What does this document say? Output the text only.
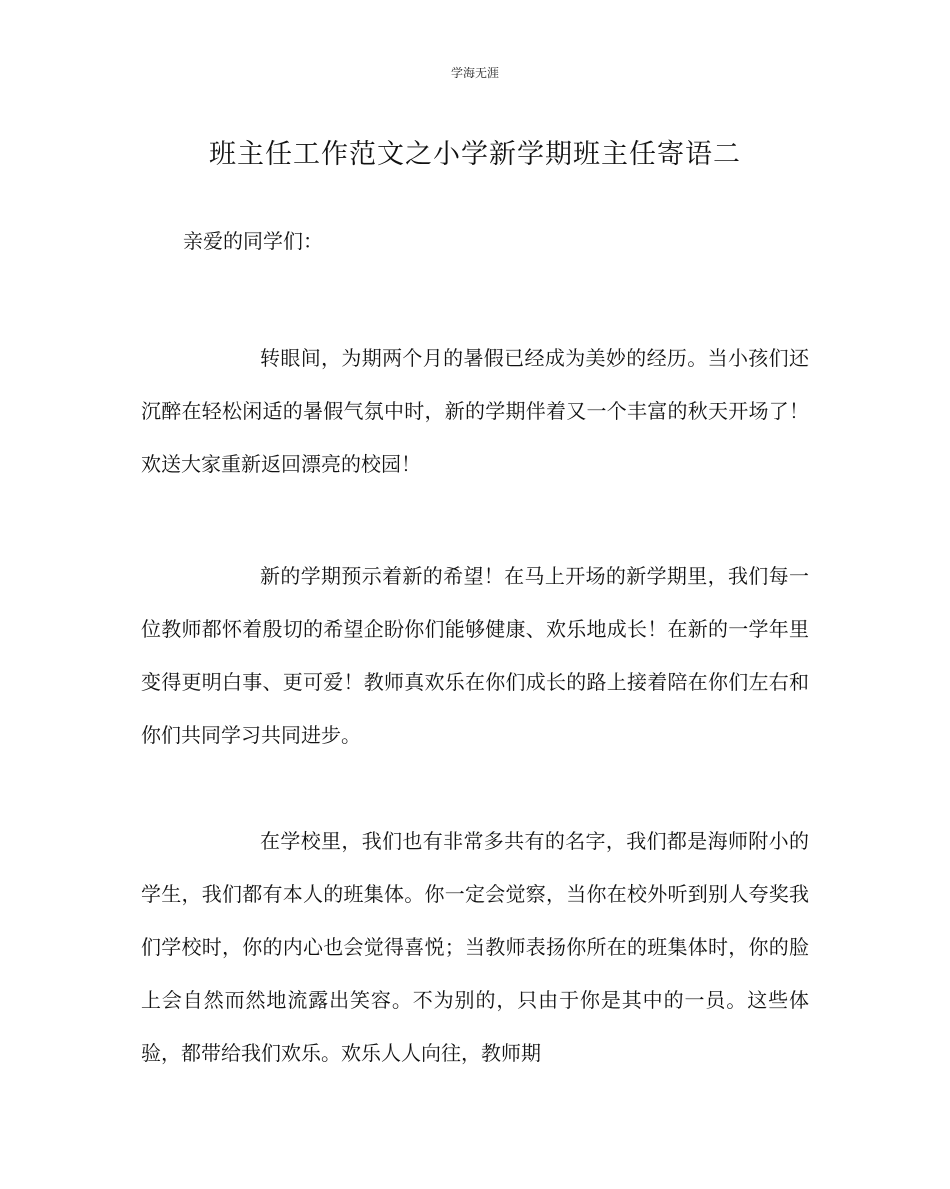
学海无涯
班主任工作范文之小学新学期班主任寄语二
亲爱的同学们：

转眼间，为期两个月的暑假已经成为美妙的经历。当小孩们还沉醉在轻松闲适的暑假气氛中时，新的学期伴着又一个丰富的秋天开场了！欢送大家重新返回漂亮的校园！

新的学期预示着新的希望！在马上开场的新学期里，我们每一位教师都怀着殷切的希望企盼你们能够健康、欢乐地成长！在新的一学年里变得更明白事、更可爱！教师真欢乐在你们成长的路上接着陪在你们左右和你们共同学习共同进步。

在学校里，我们也有非常多共有的名字，我们都是海师附小的学生，我们都有本人的班集体。你一定会觉察，当你在校外听到别人夸奖我们学校时，你的内心也会觉得喜悦；当教师表扬你所在的班集体时，你的脸上会自然而然地流露出笑容。不为别的，只由于你是其中的一员。这些体验，都带给我们欢乐。欢乐人人向往，教师期
